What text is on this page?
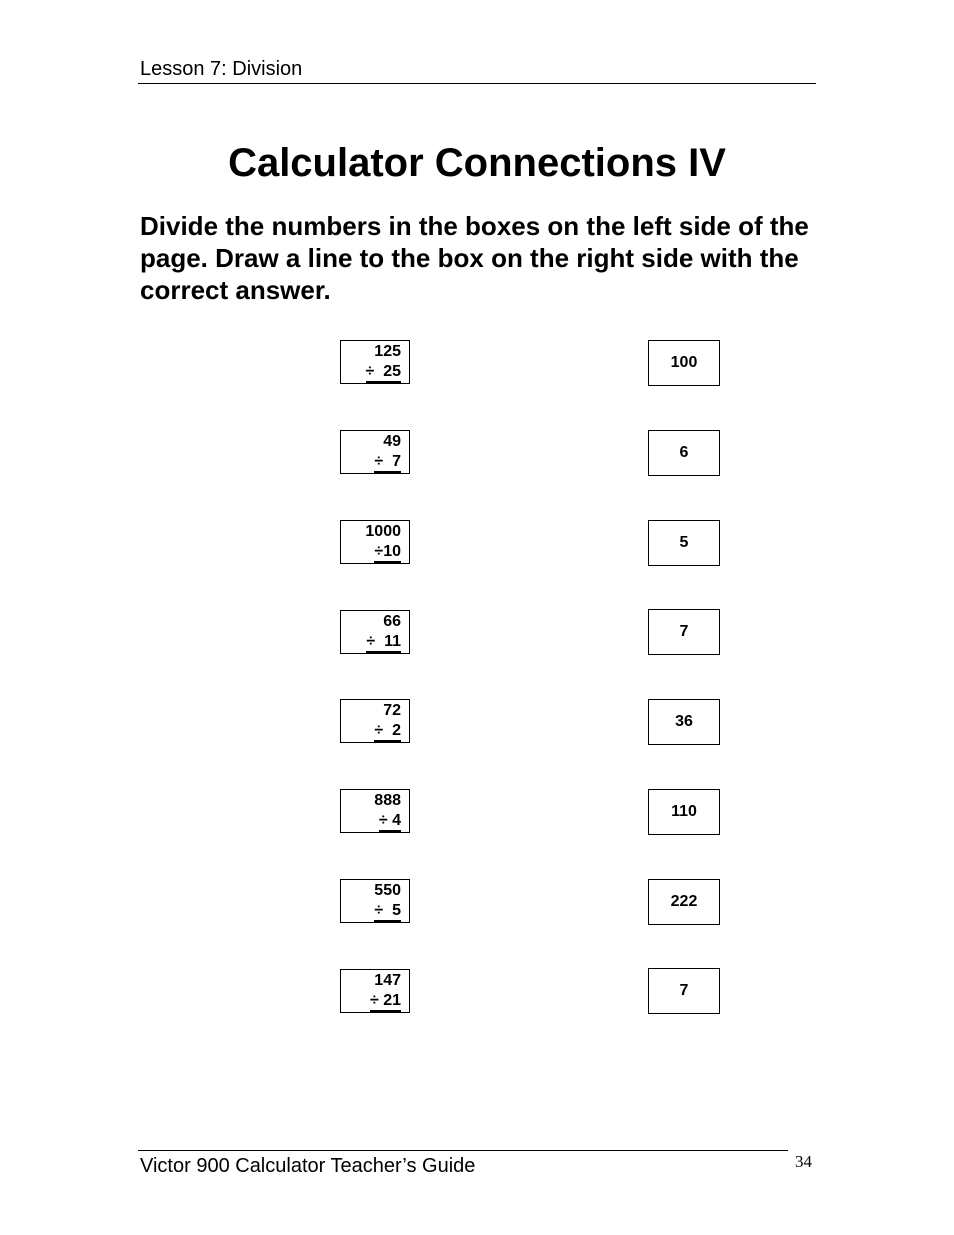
Lesson 7: Division
Calculator Connections IV
Divide the numbers in the boxes on the left side of the page. Draw a line to the box on the right side with the correct answer.
125
÷  25
49
÷  7
1000
÷10
66
÷  11
72
÷  2
888
÷ 4
550
÷  5
147
÷ 21
100
6
5
7
36
110
222
7
Victor 900 Calculator Teacher’s Guide	34
